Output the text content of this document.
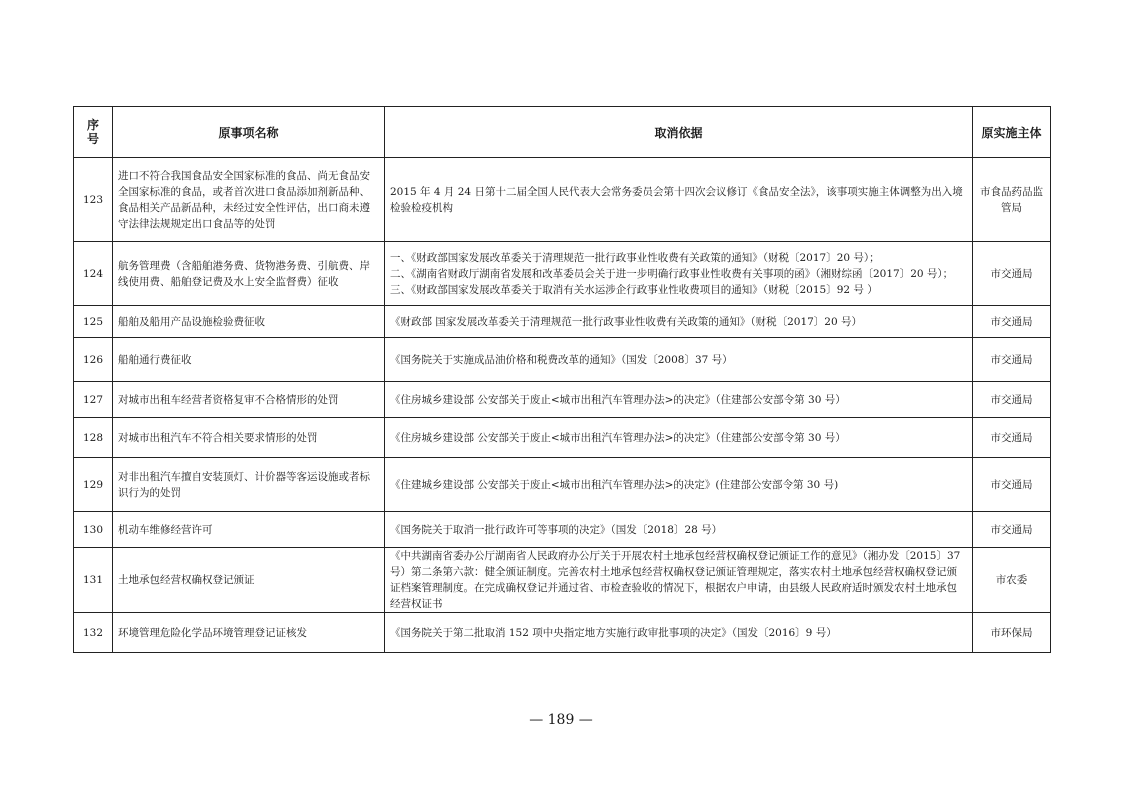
序
号	原事项名称	取消依据	原实施主体
123	进口不符合我国食品安全国家标准的食品、尚无食品安全国家标准的食品，或者首次进口食品添加剂新品种、食品相关产品新品种，未经过安全性评估，出口商未遵守法律法规规定出口食品等的处罚	2015 年 4 月 24 日第十二届全国人民代表大会常务委员会第十四次会议修订《食品安全法》，该事项实施主体调整为出入境检验检疫机构	市食品药品监管局
124	航务管理费（含船舶港务费、货物港务费、引航费、岸线使用费、船舶登记费及水上安全监督费）征收	一、《财政部国家发展改革委关于清理规范一批行政事业性收费有关政策的通知》（财税〔2017〕20 号）；
二、《湖南省财政厅湖南省发展和改革委员会关于进一步明确行政事业性收费有关事项的函》（湘财综函〔2017〕20 号）；
三、《财政部国家发展改革委关于取消有关水运涉企行政事业性收费项目的通知》（财税〔2015〕92 号 ）	市交通局
125	船舶及船用产品设施检验费征收	《财政部 国家发展改革委关于清理规范一批行政事业性收费有关政策的通知》（财税〔2017〕20 号）	市交通局
126	船舶通行费征收	《国务院关于实施成品油价格和税费改革的通知》（国发〔2008〕37 号）	市交通局
127	对城市出租车经营者资格复审不合格情形的处罚	《住房城乡建设部 公安部关于废止<城市出租汽车管理办法>的决定》（住建部公安部令第 30 号）	市交通局
128	对城市出租汽车不符合相关要求情形的处罚	《住房城乡建设部 公安部关于废止<城市出租汽车管理办法>的决定》（住建部公安部令第 30 号）	市交通局
129	对非出租汽车擅自安装顶灯、计价器等客运设施或者标识行为的处罚	《住建城乡建设部 公安部关于废止<城市出租汽车管理办法>的决定》(住建部公安部令第 30 号)	市交通局
130	机动车维修经营许可	《国务院关于取消一批行政许可等事项的决定》（国发〔2018〕28 号）	市交通局
131	土地承包经营权确权登记颁证	《中共湖南省委办公厅湖南省人民政府办公厅关于开展农村土地承包经营权确权登记颁证工作的意见》（湘办发〔2015〕37 号）第二条第六款：健全颁证制度。完善农村土地承包经营权确权登记颁证管理规定，落实农村土地承包经营权确权登记颁证档案管理制度。在完成确权登记并通过省、市检查验收的情况下，根据农户申请，由县级人民政府适时颁发农村土地承包经营权证书	市农委
132	环境管理危险化学品环境管理登记证核发	《国务院关于第二批取消 152 项中央指定地方实施行政审批事项的决定》（国发〔2016〕9 号）	市环保局
— 189 —
